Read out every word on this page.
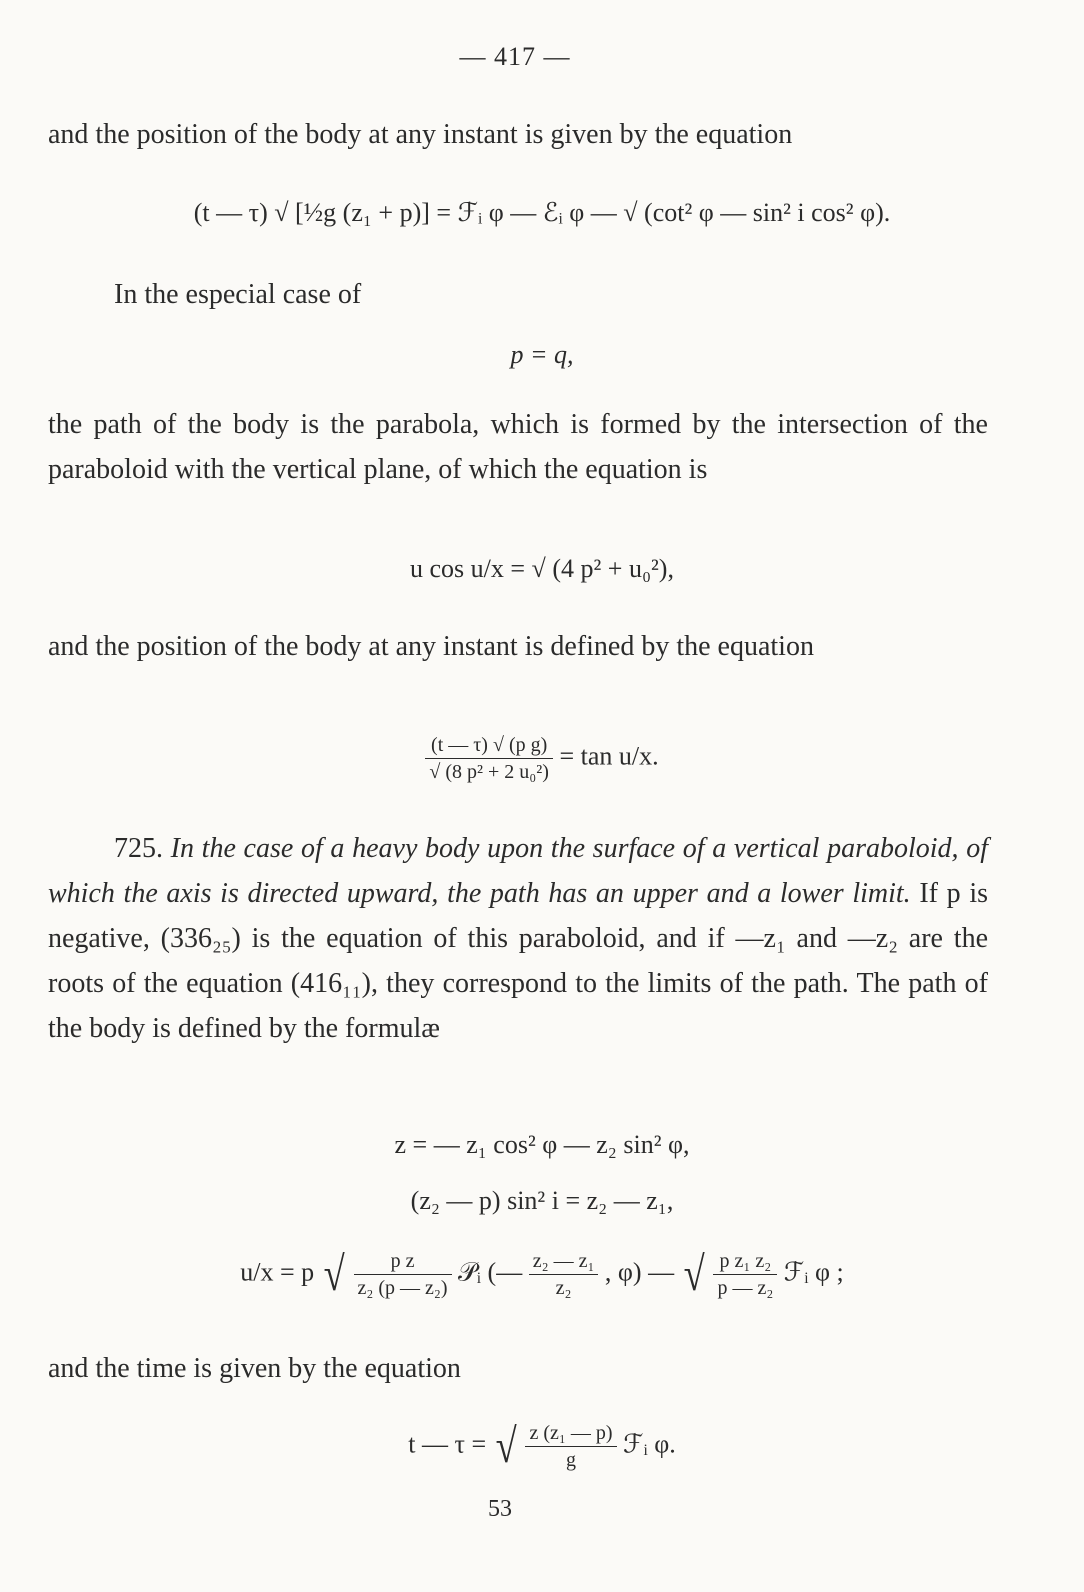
— 417 —
and the position of the body at any instant is given by the equation
(t — τ) √ [½g (z₁ + p)] = ℱᵢ φ — ℰᵢ φ — √ (cot² φ — sin² i cos² φ).
In the especial case of
p = q,
the path of the body is the parabola, which is formed by the intersection of the paraboloid with the vertical plane, of which the equation is
u cos u/x = √ (4 p² + u₀²),
and the position of the body at any instant is defined by the equation
$\frac{\text{(t — τ) √ (p g)}}{\text{√ (8 p² + 2 u₀²)}} = \tan u/x$.
725. In the case of a heavy body upon the surface of a vertical paraboloid, of which the axis is directed upward, the path has an upper and a lower limit. If p is negative, (336₂₅) is the equation of this paraboloid, and if —z₁ and —z₂ are the roots of the equation (416₁₁), they correspond to the limits of the path. The path of the body is defined by the formulæ
z = — z₁ cos² φ — z₂ sin² φ,
(z₂ — p) sin² i = z₂ — z₁,
u/x = p √ $\frac{\text{p z}}{\text{z₂ (p — z₂)}}$ 𝒫ᵢ (— $\frac{\text{z₂ — z₁}}{\text{z₂}}$ , φ) — √ $\frac{\text{p z₁ z₂}}{\text{p — z₂}}$ ℱᵢ φ ;
and the time is given by the equation
t — τ = √ $\frac{\text{z (z₁ — p)}}{g}$ ℱᵢ φ.
53
